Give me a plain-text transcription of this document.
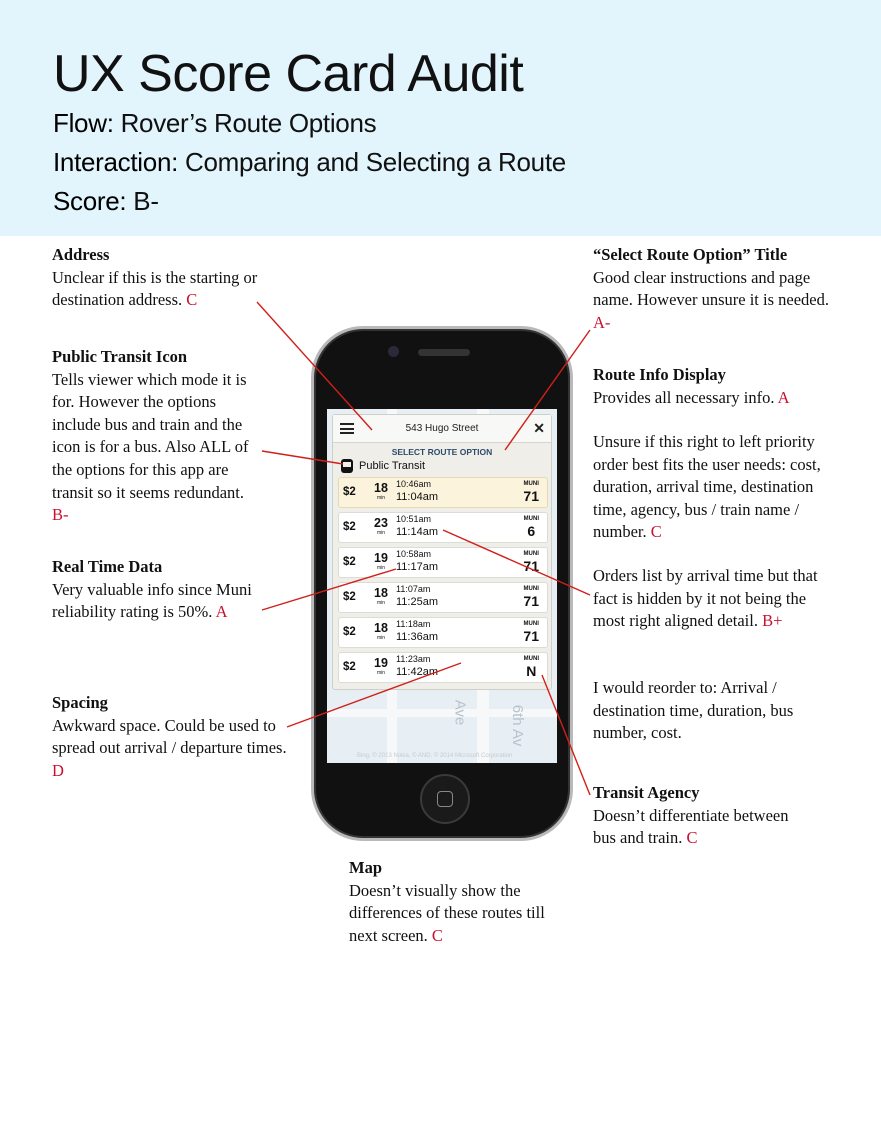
UX Score Card Audit
Flow: Rover’s Route Options
Interaction: Comparing and Selecting a Route
Score: B-
Address
Unclear if this is the starting or destination address. C
Public Transit Icon
Tells viewer which mode it is for. However the options include bus and train and the icon is for a bus. Also ALL of the options for this app are transit so it seems redundant. B-
Real Time Data
Very valuable info since Muni reliability rating is 50%. A
Spacing
Awkward space. Could be used to spread out arrival / departure times. D
“Select Route Option” Title
Good clear instructions and page name. However unsure it is needed. A-
Route Info Display
Provides all necessary info. A
Unsure if this right to left priority order best fits the user needs: cost, duration, arrival time, destination time, agency, bus / train name / number. C
Orders list by arrival time but that fact is hidden by it not being the most right aligned detail. B+
I would reorder to: Arrival / destination time, duration, bus number, cost.
Transit Agency
Doesn’t differentiate between bus and train. C
Map
Doesn’t visually show the differences of these routes till next screen. C
Ave	6th Av
Bing, © 2013 Nokia, © AND, © 2014 Microsoft Corporation
543 Hugo Street	✕
SELECT ROUTE OPTION
Public Transit
$2 18
min
10:46am
11:04am
MUNI
71
$2 23
min
10:51am
11:14am
MUNI
6
$2 19
min
10:58am
11:17am
MUNI
71
$2 18
min
11:07am
11:25am
MUNI
71
$2 18
min
11:18am
11:36am
MUNI
71
$2 19
min
11:23am
11:42am
MUNI
N
